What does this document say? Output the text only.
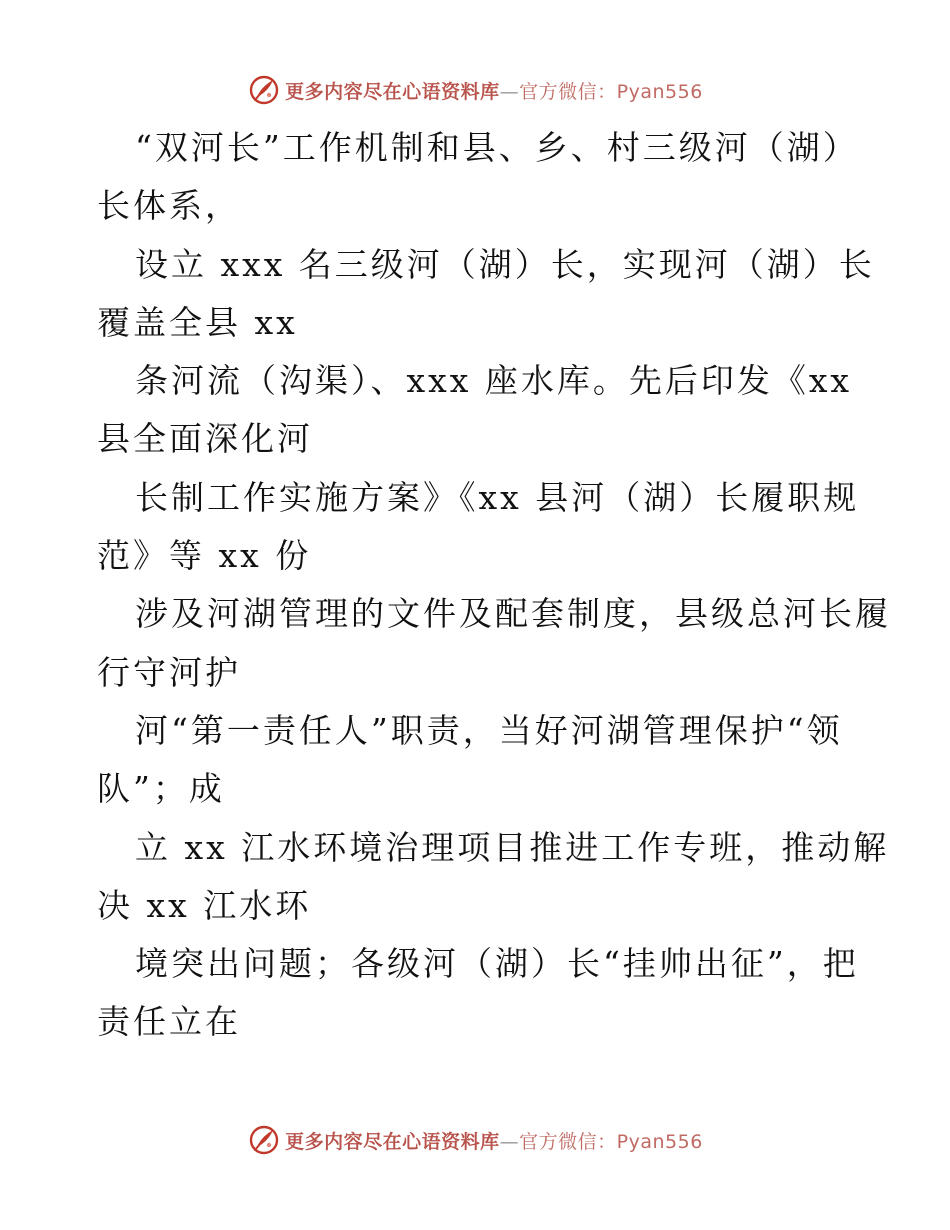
更多内容尽在心语资料库—官方微信：Pyan556
“双河长”工作机制和县、乡、村三级河（湖）
长体系，
设立 xxx 名三级河（湖）长，实现河（湖）长
覆盖全县 xx
条河流（沟渠）、xxx 座水库。先后印发《xx
县全面深化河
长制工作实施方案》《xx 县河（湖）长履职规
范》等 xx 份
涉及河湖管理的文件及配套制度，县级总河长履
行守河护
河“第一责任人”职责，当好河湖管理保护“领
队”；成
立 xx 江水环境治理项目推进工作专班，推动解
决 xx 江水环
境突出问题；各级河（湖）长“挂帅出征”，把
责任立在
更多内容尽在心语资料库—官方微信：Pyan556
